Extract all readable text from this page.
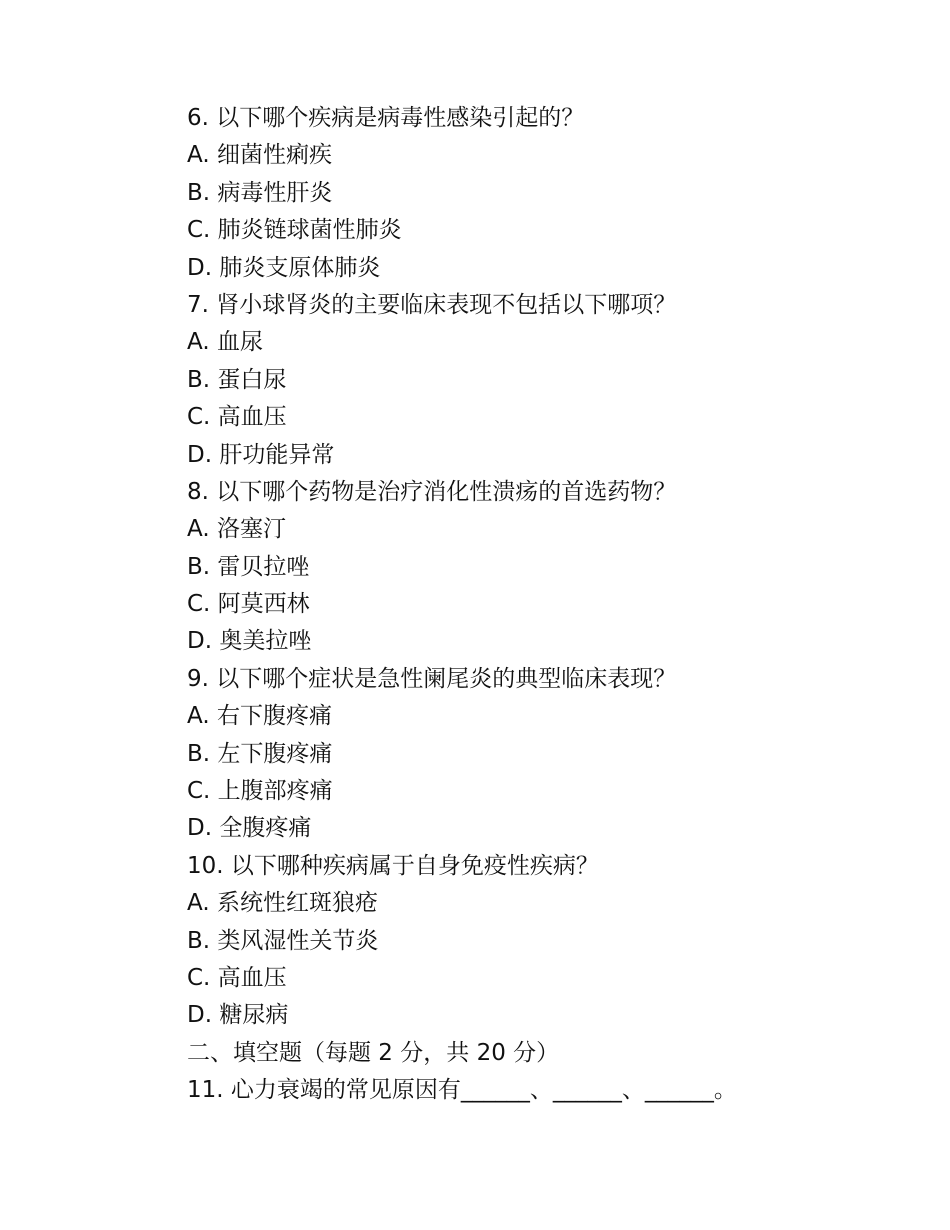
6. 以下哪个疾病是病毒性感染引起的？
A. 细菌性痢疾
B. 病毒性肝炎
C. 肺炎链球菌性肺炎
D. 肺炎支原体肺炎
7. 肾小球肾炎的主要临床表现不包括以下哪项？
A. 血尿
B. 蛋白尿
C. 高血压
D. 肝功能异常
8. 以下哪个药物是治疗消化性溃疡的首选药物？
A. 洛塞汀
B. 雷贝拉唑
C. 阿莫西林
D. 奥美拉唑
9. 以下哪个症状是急性阑尾炎的典型临床表现？
A. 右下腹疼痛
B. 左下腹疼痛
C. 上腹部疼痛
D. 全腹疼痛
10. 以下哪种疾病属于自身免疫性疾病？
A. 系统性红斑狼疮
B. 类风湿性关节炎
C. 高血压
D. 糖尿病
二、填空题（每题 2 分，共 20 分）
11. 心力衰竭的常见原因有______、______、______。
